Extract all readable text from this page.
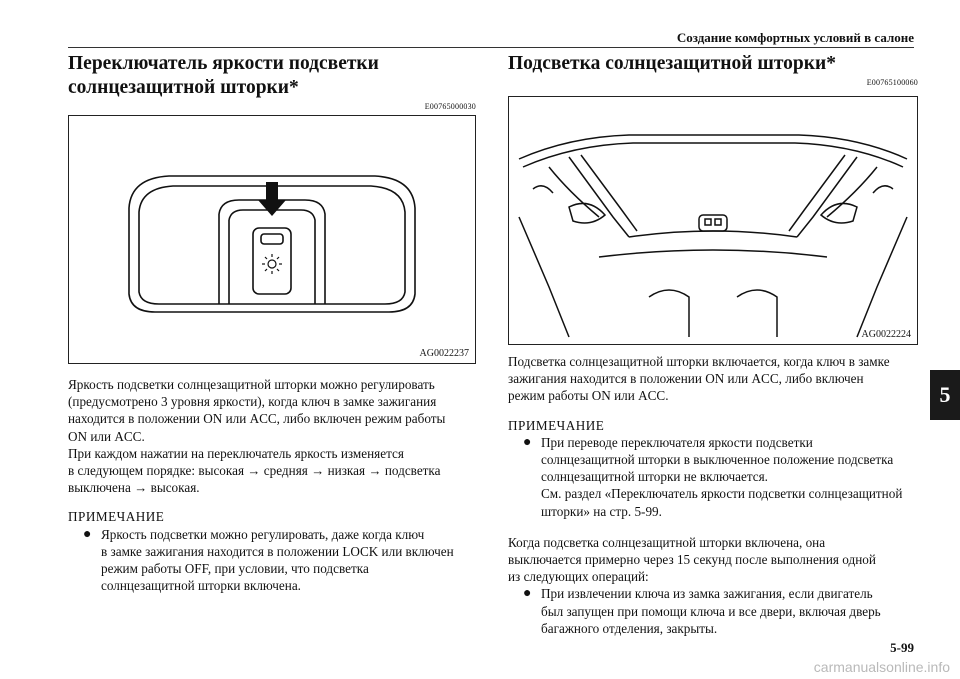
Создание комфортных условий в салоне
Переключатель яркости подсветки
солнцезащитной шторки*
E00765000030
AG0022237

Яркость подсветки солнцезащитной шторки можно регулировать
(предусмотрено 3 уровня яркости), когда ключ в замке зажигания
находится в положении ON или ACC, либо включен режим работы
ON или ACC.
При каждом нажатии на переключатель яркость изменяется
в следующем порядке: высокая → средняя → низкая → подсветка
выключена → высокая.

ПРИМЕЧАНИЕ
● Яркость подсветки можно регулировать, даже когда ключ
в замке зажигания находится в положении LOCK или включен
режим работы OFF, при условии, что подсветка
солнцезащитной шторки включена.
Подсветка солнцезащитной шторки*
E00765100060
AG0022224

Подсветка солнцезащитной шторки включается, когда ключ в замке
зажигания находится в положении ON или ACC, либо включен
режим работы ON или ACC.

ПРИМЕЧАНИЕ
● При переводе переключателя яркости подсветки
солнцезащитной шторки в выключенное положение подсветка
солнцезащитной шторки не включается.
См. раздел «Переключатель яркости подсветки солнцезащитной
шторки» на стр. 5-99.

Когда подсветка солнцезащитной шторки включена, она
выключается примерно через 15 секунд после выполнения одной
из следующих операций:

● При извлечении ключа из замка зажигания, если двигатель
был запущен при помощи ключа и все двери, включая дверь
багажного отделения, закрыты.
5
5-99
carmanualsonline.info
